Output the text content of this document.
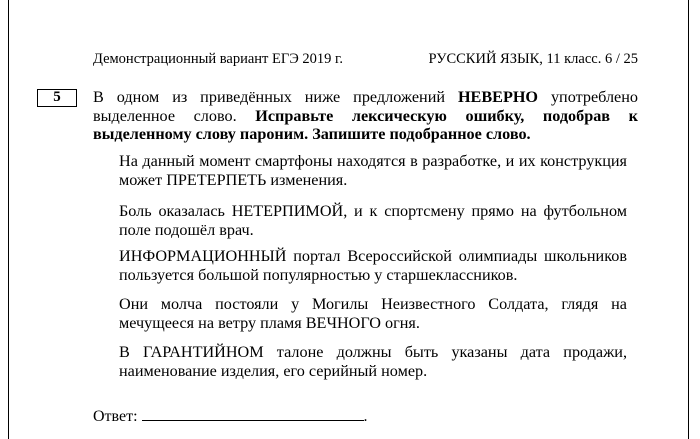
Демонстрационный вариант ЕГЭ 2019 г.	РУССКИЙ ЯЗЫК, 11 класс. 6 / 25
5	В одном из приведённых ниже предложений НЕВЕРНО употреблено выделенное слово. Исправьте лексическую ошибку, подобрав к выделенному слову пароним. Запишите подобранное слово.
На данный момент смартфоны находятся в разработке, и их конструкция может ПРЕТЕРПЕТЬ изменения.
Боль оказалась НЕТЕРПИМОЙ, и к спортсмену прямо на футбольном поле подошёл врач.
ИНФОРМАЦИОННЫЙ портал Всероссийской олимпиады школьников пользуется большой популярностью у старшеклассников.
Они молча постояли у Могилы Неизвестного Солдата, глядя на мечущееся на ветру пламя ВЕЧНОГО огня.
В ГАРАНТИЙНОМ талоне должны быть указаны дата продажи, наименование изделия, его серийный номер.
Ответ:	.
